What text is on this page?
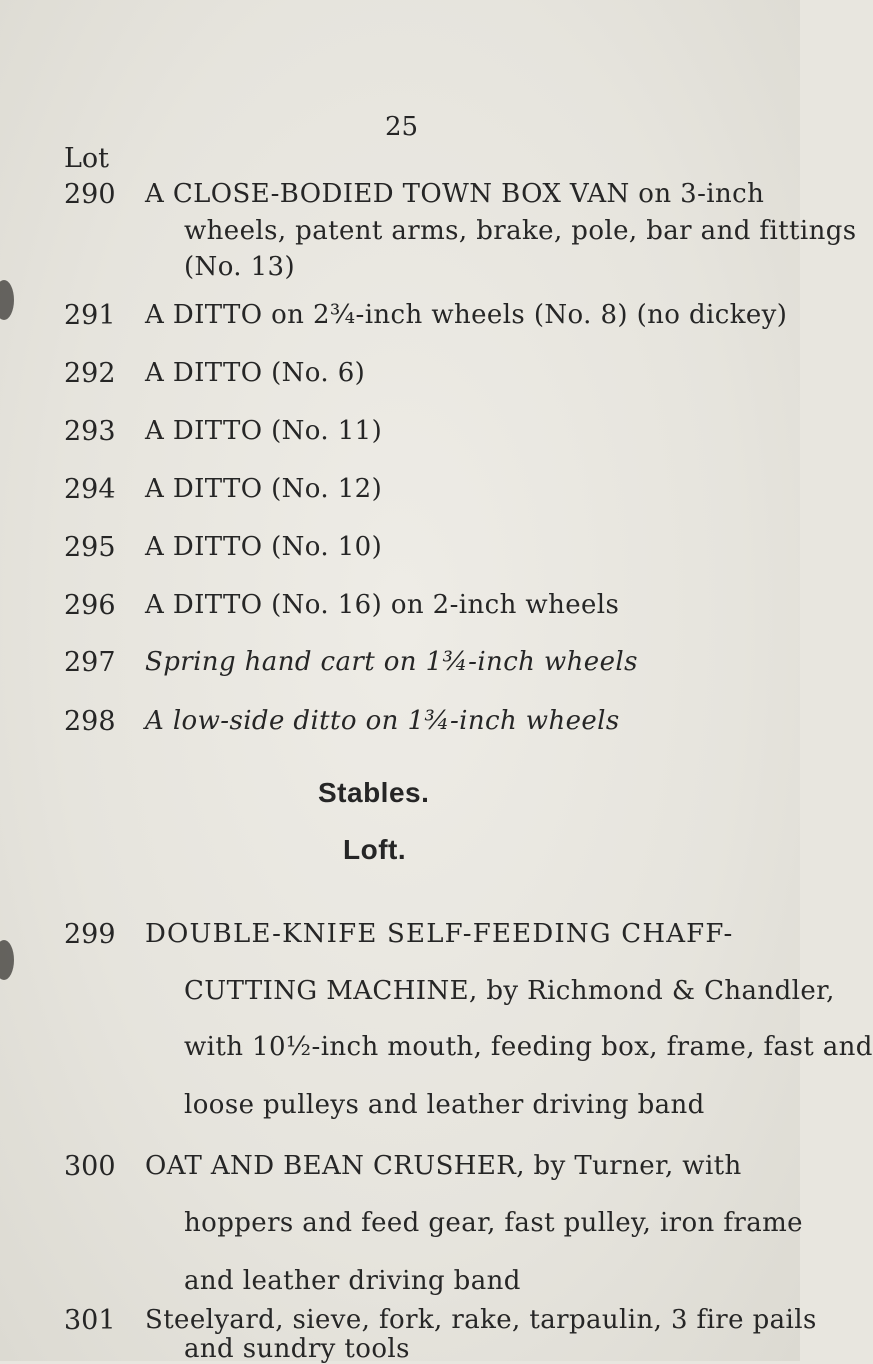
25
Lot
290 A CLOSE-BODIED TOWN BOX VAN on 3-inch
wheels, patent arms, brake, pole, bar and fittings
(No. 13)
291 A DITTO on 2¾-inch wheels (No. 8) (no dickey)
292 A DITTO (No. 6)
293 A DITTO (No. 11)
294 A DITTO (No. 12)
295 A DITTO (No. 10)
296 A DITTO (No. 16) on 2-inch wheels
297 Spring hand cart on 1¾-inch wheels
298 A low-side ditto on 1¾-inch wheels
Stables.
Loft.
299 DOUBLE-KNIFE SELF-FEEDING CHAFF-
CUTTING MACHINE, by Richmond & Chandler,
with 10½-inch mouth, feeding box, frame, fast and
loose pulleys and leather driving band
300 OAT AND BEAN CRUSHER, by Turner, with
hoppers and feed gear, fast pulley, iron frame
and leather driving band
301 Steelyard, sieve, fork, rake, tarpaulin, 3 fire pails
and sundry tools
